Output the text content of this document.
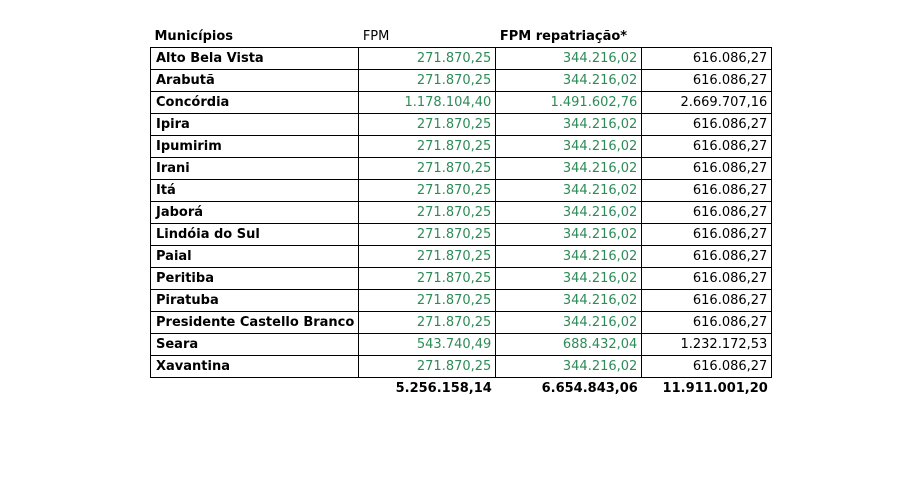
Municípios	FPM	FPM repatriação*	
Alto Bela Vista	271.870,25	344.216,02	616.086,27
Arabutã	271.870,25	344.216,02	616.086,27
Concórdia	1.178.104,40	1.491.602,76	2.669.707,16
Ipira	271.870,25	344.216,02	616.086,27
Ipumirim	271.870,25	344.216,02	616.086,27
Irani	271.870,25	344.216,02	616.086,27
Itá	271.870,25	344.216,02	616.086,27
Jaborá	271.870,25	344.216,02	616.086,27
Lindóia do Sul	271.870,25	344.216,02	616.086,27
Paial	271.870,25	344.216,02	616.086,27
Peritiba	271.870,25	344.216,02	616.086,27
Piratuba	271.870,25	344.216,02	616.086,27
Presidente Castello Branco	271.870,25	344.216,02	616.086,27
Seara	543.740,49	688.432,04	1.232.172,53
Xavantina	271.870,25	344.216,02	616.086,27
	5.256.158,14	6.654.843,06	11.911.001,20
